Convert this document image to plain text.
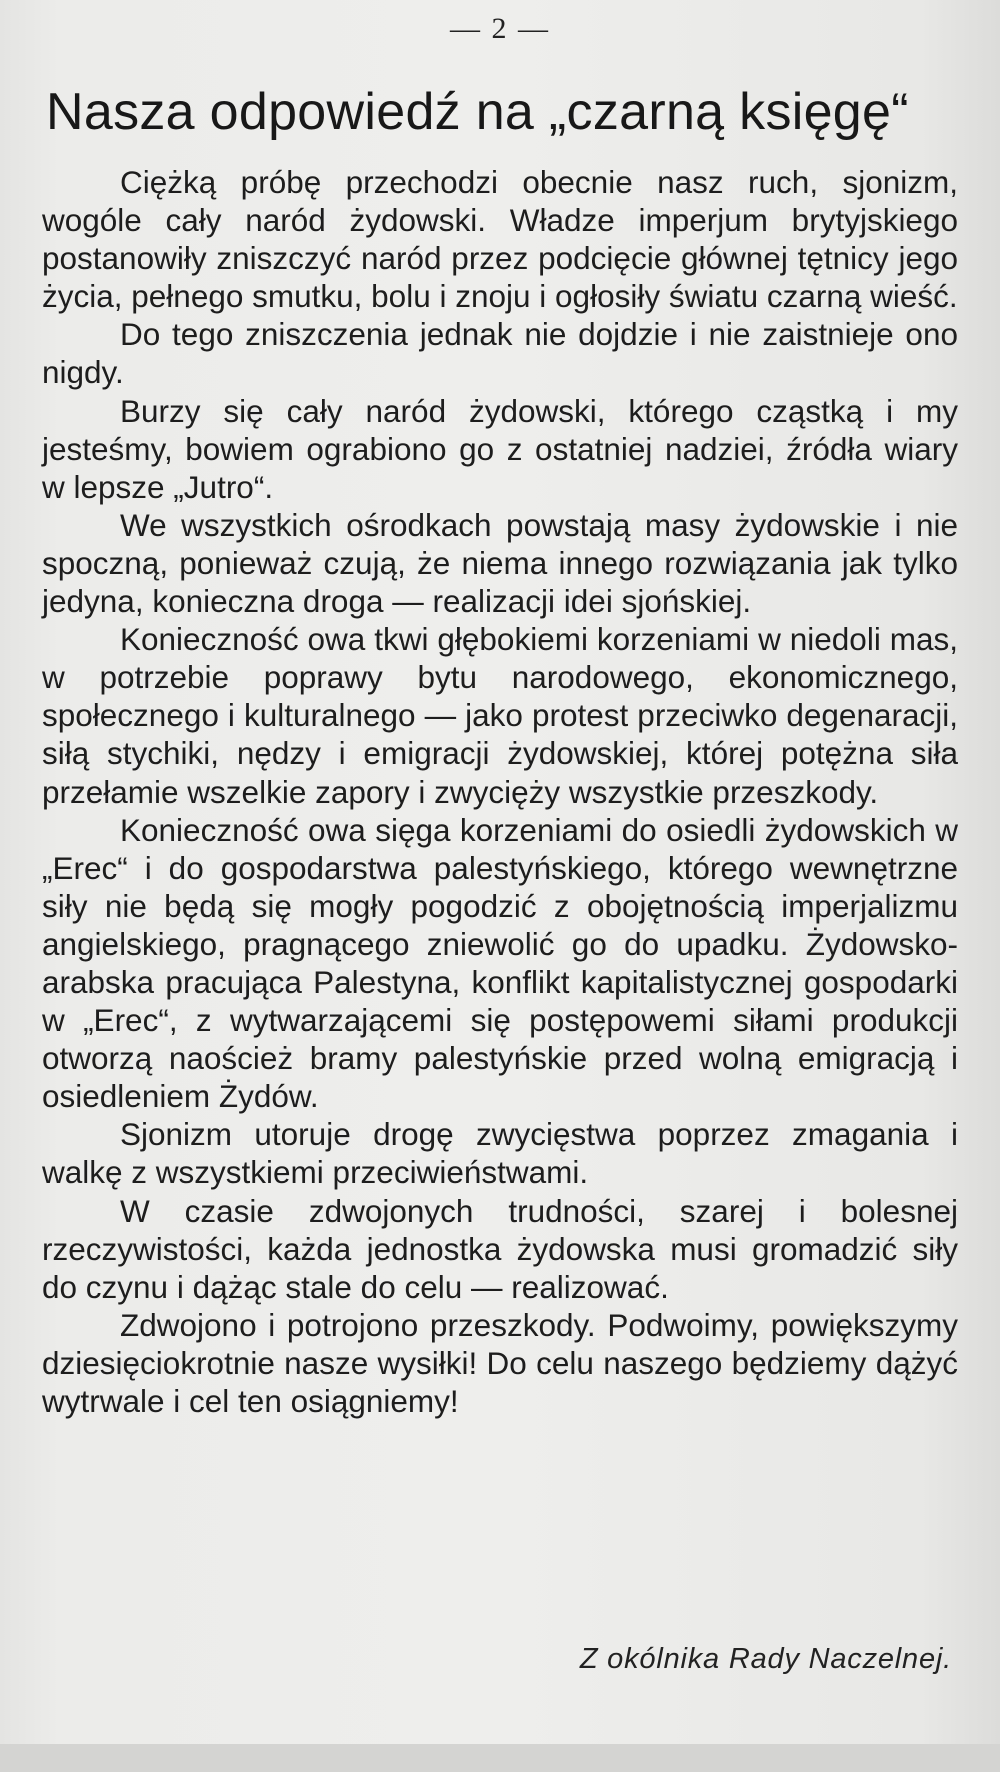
— 2 —
Nasza odpowiedź na „czarną księgę“

Ciężką próbę przechodzi obecnie nasz ruch, sjonizm, wogóle cały naród żydowski. Władze imperjum brytyjskiego postanowiły zniszczyć naród przez podcięcie głównej tętnicy jego życia, pełnego smutku, bolu i znoju i ogłosiły światu czarną wieść.

Do tego zniszczenia jednak nie dojdzie i nie zaistnieje ono nigdy.

Burzy się cały naród żydowski, którego cząstką i my jesteśmy, bowiem ograbiono go z ostatniej nadziei, źródła wiary w lepsze „Jutro“.

We wszystkich ośrodkach powstają masy żydowskie i nie spoczną, ponieważ czują, że niema innego rozwiązania jak tylko jedyna, konieczna droga — realizacji idei sjońskiej.

Konieczność owa tkwi głębokiemi korzeniami w niedoli mas, w potrzebie poprawy bytu narodowego, ekonomicznego, społecznego i kulturalnego — jako protest przeciwko degenaracji, siłą stychiki, nędzy i emigracji żydowskiej, której potężna siła przełamie wszelkie zapory i zwycięży wszystkie przeszkody.

Konieczność owa sięga korzeniami do osiedli żydowskich w „Erec“ i do gospodarstwa palestyńskiego, którego wewnętrzne siły nie będą się mogły pogodzić z obojętnością imperjalizmu angielskiego, pragnącego zniewolić go do upadku. Żydowsko-arabska pracująca Palestyna, konflikt kapitalistycznej gospodarki w „Erec“, z wytwarzającemi się postępowemi siłami produkcji otworzą naoścież bramy palestyńskie przed wolną emigracją i osiedleniem Żydów.

Sjonizm utoruje drogę zwycięstwa poprzez zmagania i walkę z wszystkiemi przeciwieństwami.

W czasie zdwojonych trudności, szarej i bolesnej rzeczywistości, każda jednostka żydowska musi gromadzić siły do czynu i dążąc stale do celu — realizować.

Zdwojono i potrojono przeszkody. Podwoimy, powiększymy dziesięciokrotnie nasze wysiłki! Do celu naszego będziemy dążyć wytrwale i cel ten osiągniemy!

Z okólnika Rady Naczelnej.
